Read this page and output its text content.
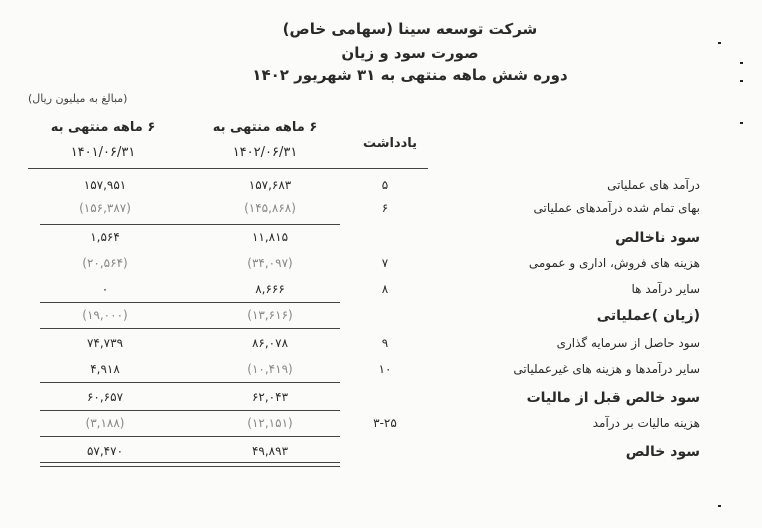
شرکت توسعه سینا (سهامی خاص)
صورت سود و زیان
دوره شش ماهه منتهی به ۳۱ شهریور ۱۴۰۲
(مبالغ به میلیون ریال)
۶ ماهه منتهی به
۱۴۰۱/۰۶/۳۱
۶ ماهه منتهی به
۱۴۰۲/۰۶/۳۱
یادداشت
۱۵۷,۹۵۱	۱۵۷,۶۸۳	۵	درآمد های عملیاتی
(۱۵۶,۳۸۷)	(۱۴۵,۸۶۸)	۶	بهای تمام شده درآمدهای عملیاتی
۱,۵۶۴	۱۱,۸۱۵	سود ناخالص
(۲۰,۵۶۴)	(۳۴,۰۹۷)	۷	هزینه های فروش، اداری و عمومی
۰	۸,۶۶۶	۸	سایر درآمد ها
(۱۹,۰۰۰)	(۱۳,۶۱۶)	(زیان )عملیاتی
۷۴,۷۳۹	۸۶,۰۷۸	۹	سود حاصل از سرمایه گذاری
۴,۹۱۸	(۱۰,۴۱۹)	۱۰	سایر درآمدها و هزینه های غیرعملیاتی
۶۰,۶۵۷	۶۲,۰۴۳	سود خالص قبل از مالیات
(۳,۱۸۸)	(۱۲,۱۵۱)	۳-۲۵	هزینه مالیات بر درآمد
۵۷,۴۷۰	۴۹,۸۹۳	سود خالص
